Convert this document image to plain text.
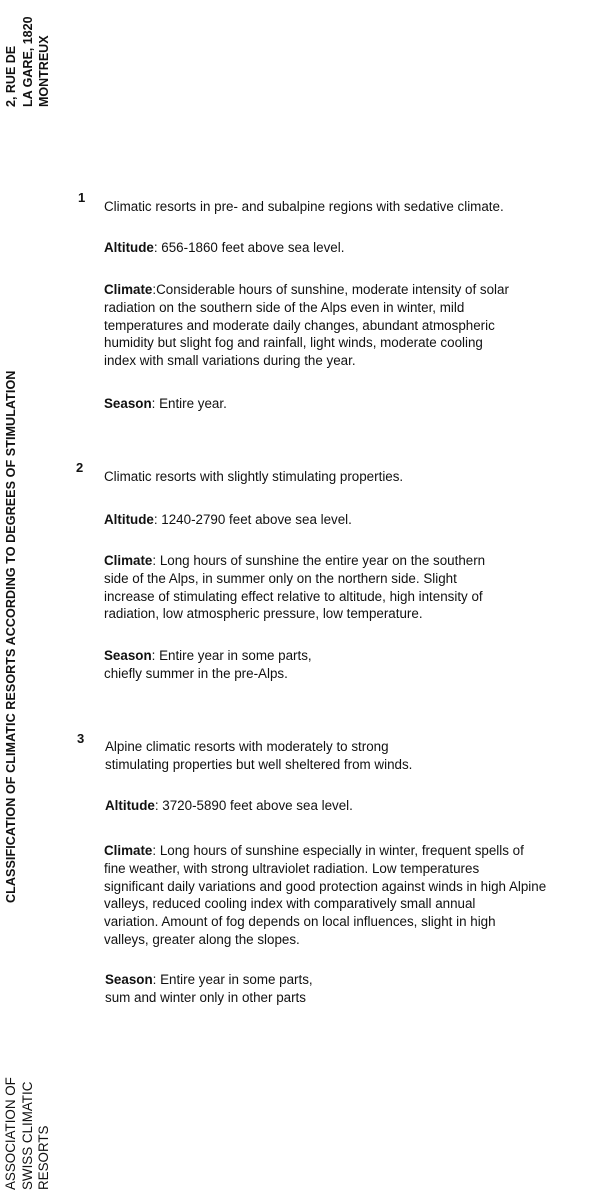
2, RUE DE LA GARE, 1820 MONTREUX
CLASSIFICATION OF CLIMATIC RESORTS ACCORDING TO DEGREES OF STIMULATION
ASSOCIATION OF SWISS CLIMATIC RESORTS
1
Climatic resorts in pre- and subalpine regions with sedative climate.
Altitude: 656-1860 feet above sea level.
Climate:Considerable hours of sunshine, moderate intensity of solar
radiation on the southern side of the Alps even in winter, mild
temperatures and moderate daily changes, abundant atmospheric
humidity but slight fog and rainfall, light winds, moderate cooling
index with small variations during the year.
Season: Entire year.
2
Climatic resorts with slightly stimulating properties.
Altitude: 1240-2790 feet above sea level.
Climate: Long hours of sunshine the entire year on the southern
side of the Alps, in summer only on the northern side. Slight
increase of stimulating effect relative to altitude, high intensity of
radiation, low atmospheric pressure, low temperature.
Season: Entire year in some parts,
chiefly summer in the pre-Alps.
3
Alpine climatic resorts with moderately to strong
stimulating properties but well sheltered from winds.
Altitude: 3720-5890 feet above sea level.
Climate: Long hours of sunshine especially in winter, frequent spells of
fine weather, with strong ultraviolet radiation. Low temperatures
significant daily variations and good protection against winds in high Alpine
valleys, reduced cooling index with comparatively small annual
variation. Amount of fog depends on local influences, slight in high
valleys, greater along the slopes.
Season: Entire year in some parts,
sum and winter only in other parts
